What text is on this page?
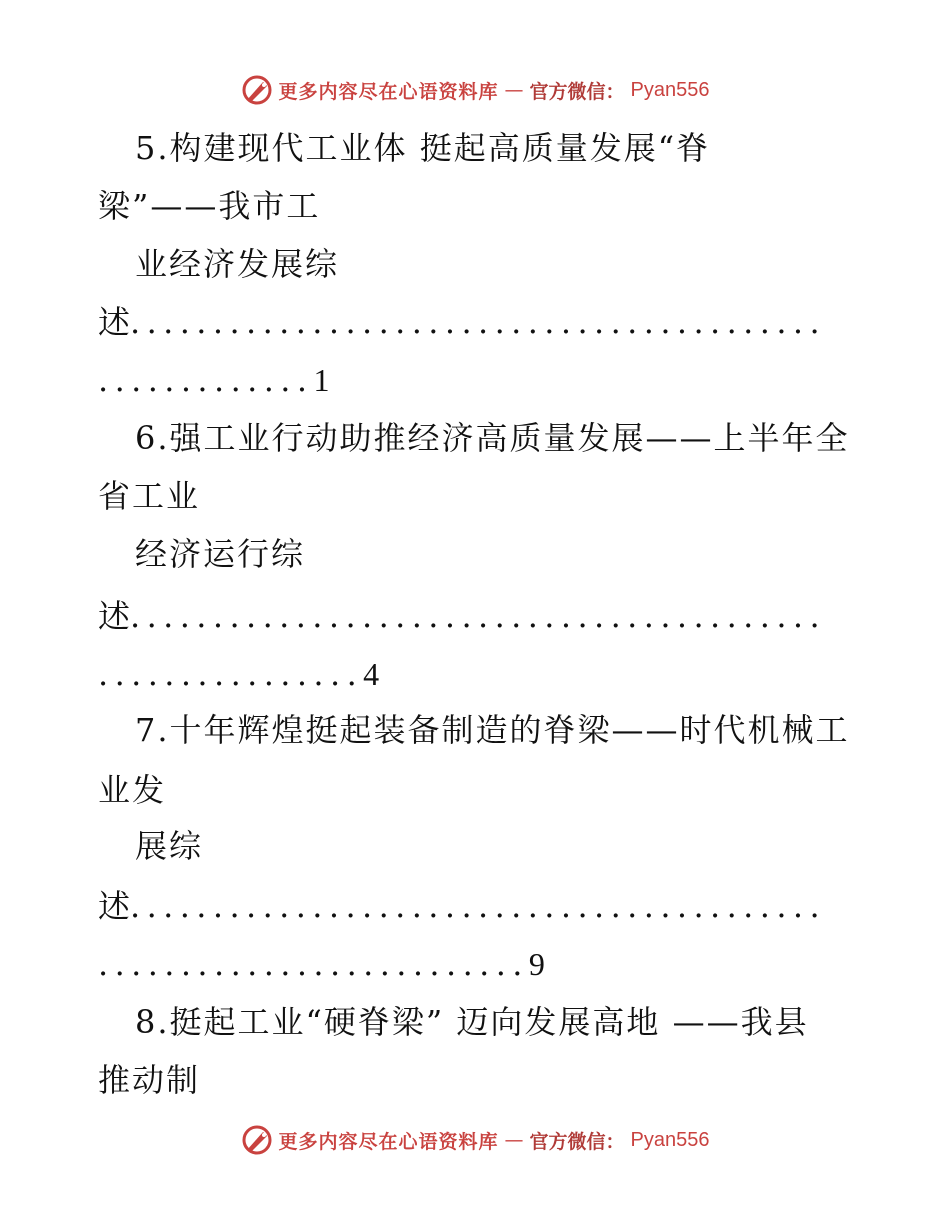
更多内容尽在心语资料库 — 官方微信： Pyan556
5.构建现代工业体 挺起高质量发展“脊
梁”——我市工
业经济发展综
述..........................................
.............1
6.强工业行动助推经济高质量发展——上半年全
省工业
经济运行综
述..........................................
................4
7.十年辉煌挺起装备制造的脊梁——时代机械工
业发
展综
述..........................................
..........................9
8.挺起工业“硬脊梁” 迈向发展高地 ——我县
推动制
更多内容尽在心语资料库 — 官方微信： Pyan556
